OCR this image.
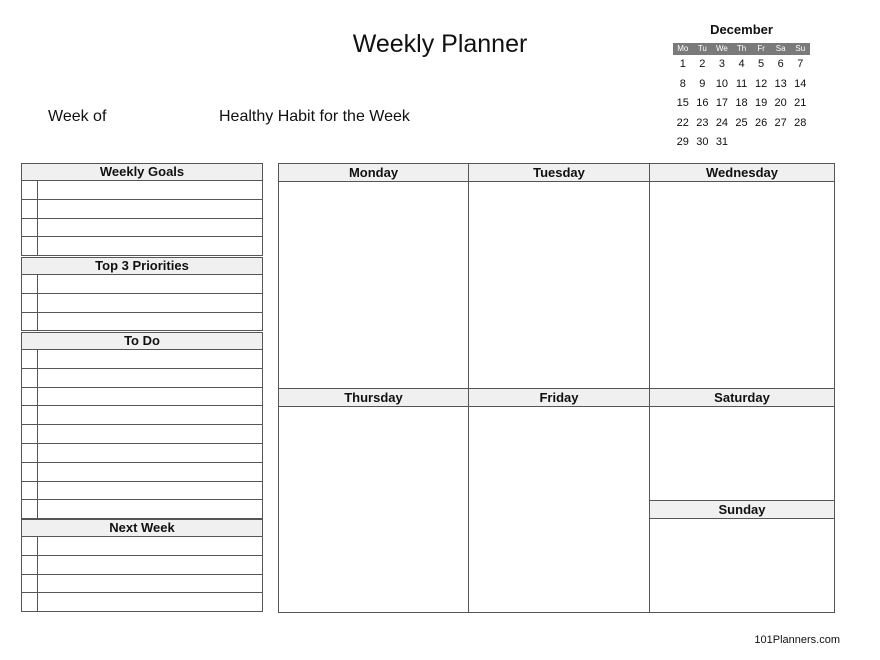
Weekly Planner
Week of	Healthy Habit for the Week
December
Mo	Tu	We	Th	Fr	Sa	Su
1	2	3	4	5	6	7
8	9 10 11 12 13 14
15 16 17 18 19 20 21
22 23 24 25 26 27 28
29 30 31
Weekly Goals
Top 3 Priorities
To Do
Next Week
Monday	Tuesday	Wednesday
Thursday	Friday	Saturday
Sunday
101Planners.com
